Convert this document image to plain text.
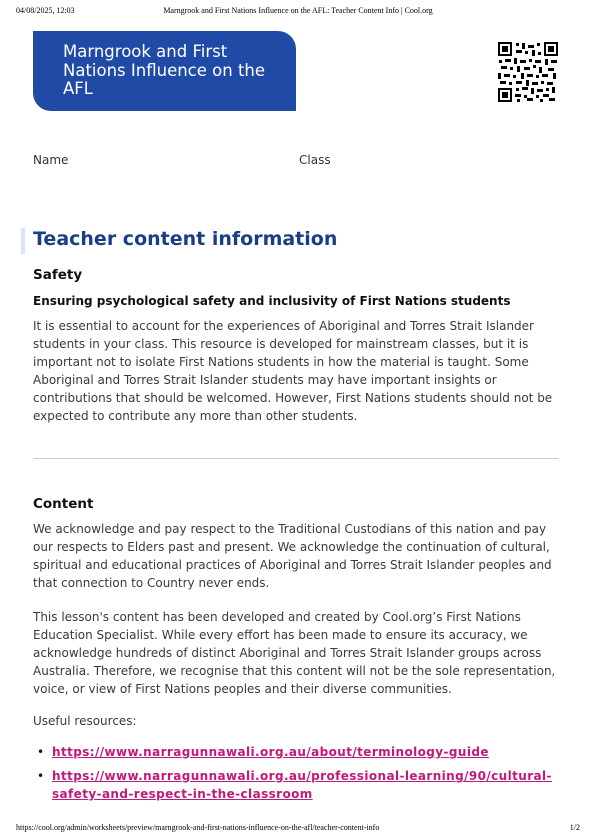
04/08/2025, 12:03	Marngrook and First Nations Influence on the AFL: Teacher Content Info | Cool.org
Marngrook and First Nations Influence on the AFL
Name	Class
Teacher content information
Safety
Ensuring psychological safety and inclusivity of First Nations students

It is essential to account for the experiences of Aboriginal and Torres Strait Islander students in your class. This resource is developed for mainstream classes, but it is important not to isolate First Nations students in how the material is taught. Some Aboriginal and Torres Strait Islander students may have important insights or contributions that should be welcomed. However, First Nations students should not be expected to contribute any more than other students.

Content

We acknowledge and pay respect to the Traditional Custodians of this nation and pay our respects to Elders past and present. We acknowledge the continuation of cultural, spiritual and educational practices of Aboriginal and Torres Strait Islander peoples and that connection to Country never ends.

This lesson's content has been developed and created by Cool.org’s First Nations Education Specialist. While every effort has been made to ensure its accuracy, we acknowledge hundreds of distinct Aboriginal and Torres Strait Islander groups across Australia. Therefore, we recognise that this content will not be the sole representation, voice, or view of First Nations peoples and their diverse communities.

Useful resources:

• https://www.narragunnawali.org.au/about/terminology-guide
• https://www.narragunnawali.org.au/professional-learning/90/cultural-safety-and-respect-in-the-classroom
https://cool.org/admin/worksheets/preview/marngrook-and-first-nations-influence-on-the-afl/teacher-content-info	1/2
